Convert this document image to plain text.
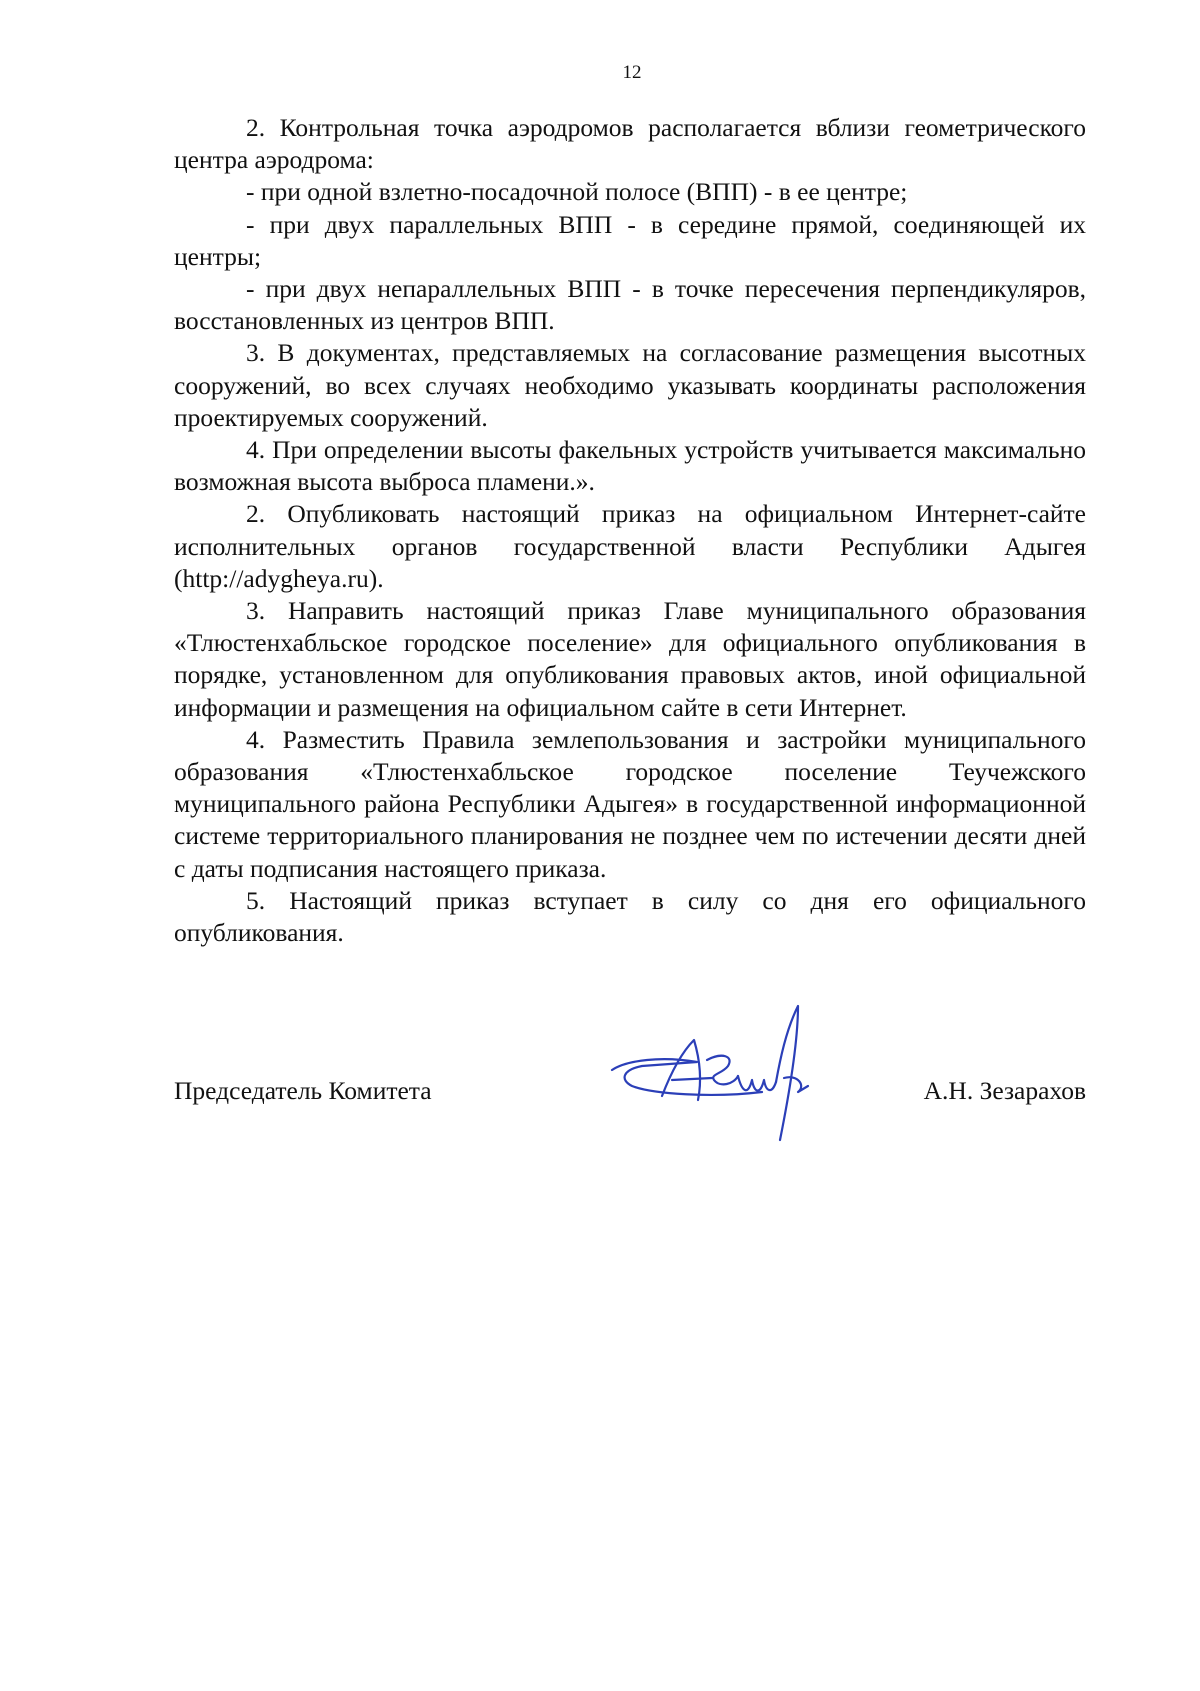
12

2. Контрольная точка аэродромов располагается вблизи геометрического центра аэродрома:

- при одной взлетно-посадочной полосе (ВПП) - в ее центре;

- при двух параллельных ВПП - в середине прямой, соединяющей их центры;

- при двух непараллельных ВПП - в точке пересечения перпендикуляров, восстановленных из центров ВПП.

3. В документах, представляемых на согласование размещения высотных сооружений, во всех случаях необходимо указывать координаты расположения проектируемых сооружений.

4. При определении высоты факельных устройств учитывается максимально возможная высота выброса пламени.».

2. Опубликовать настоящий приказ на официальном Интернет-сайте исполнительных органов государственной власти Республики Адыгея (http://adygheya.ru).

3. Направить настоящий приказ Главе муниципального образования «Тлюстенхабльское городское поселение» для официального опубликования в порядке, установленном для опубликования правовых актов, иной официальной информации и размещения на официальном сайте в сети Интернет.

4. Разместить Правила землепользования и застройки муниципального образования «Тлюстенхабльское городское поселение Теучежского муниципального района Республики Адыгея» в государственной информационной системе территориального планирования не позднее чем по истечении десяти дней с даты подписания настоящего приказа.

5. Настоящий приказ вступает в силу со дня его официального опубликования.

Председатель Комитета	А.Н. Зезарахов
